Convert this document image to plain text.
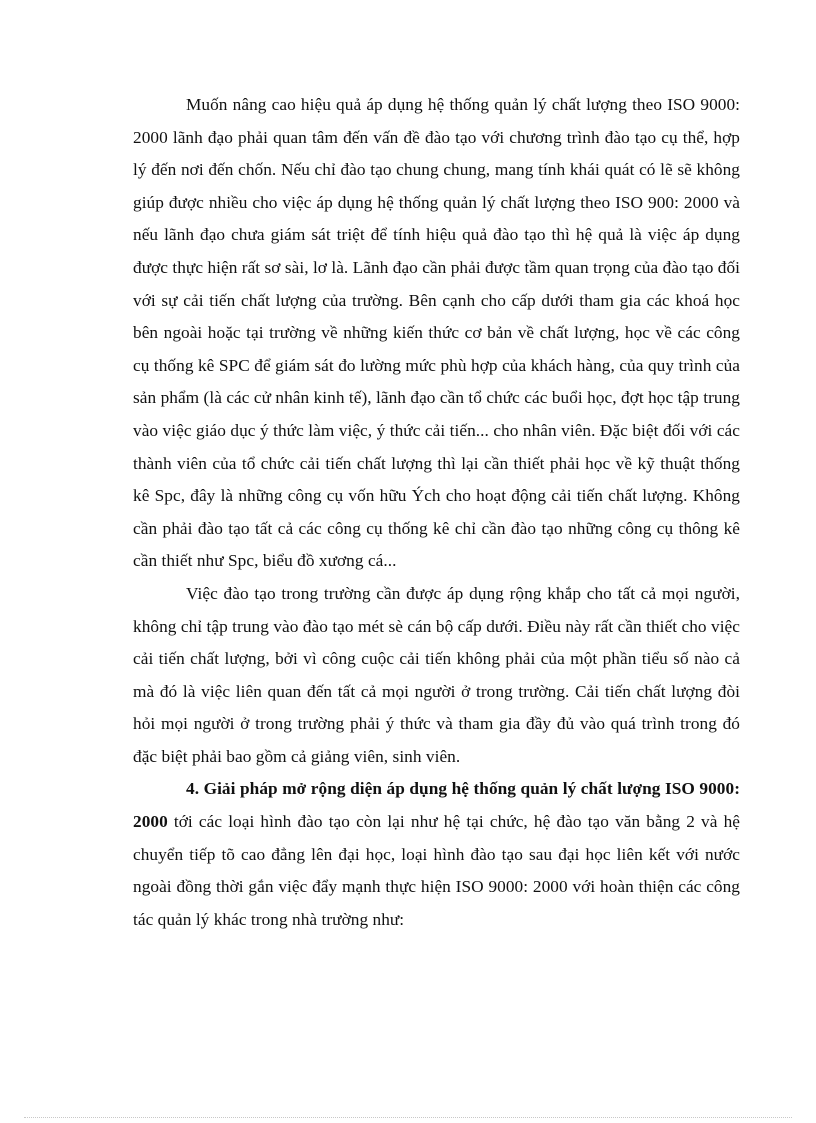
Muốn nâng cao hiệu quả áp dụng hệ thống quản lý chất lượng theo ISO 9000: 2000 lãnh đạo phải quan tâm đến vấn đề đào tạo với chương trình đào tạo cụ thể, hợp lý đến nơi đến chốn. Nếu chỉ đào tạo chung chung, mang tính khái quát có lẽ sẽ không giúp được nhiều cho việc áp dụng hệ thống quản lý chất lượng theo ISO 900: 2000 và nếu lãnh đạo chưa giám sát triệt để tính hiệu quả đào tạo thì hệ quả là việc áp dụng được thực hiện rất sơ sài, lơ là. Lãnh đạo cần phải được tầm quan trọng của đào tạo đối với sự cải tiến chất lượng của trường. Bên cạnh cho cấp dưới tham gia các khoá học bên ngoài hoặc tại trường về những kiến thức cơ bản về chất lượng, học về các công cụ thống kê SPC để giám sát đo lường mức phù hợp của khách hàng, của quy trình của sản phẩm (là các cử nhân kinh tế), lãnh đạo cần tổ chức các buổi học, đợt học tập trung vào việc giáo dục ý thức làm việc, ý thức cải tiến... cho nhân viên. Đặc biệt đối với các thành viên của tổ chức cải tiến chất lượng thì lại cần thiết phải học về kỹ thuật thống kê Spc, đây là những công cụ vốn hữu Ých cho hoạt động cải tiến chất lượng. Không cần phải đào tạo tất cả các công cụ thống kê chỉ cần đào tạo những công cụ thông kê cần thiết như Spc, biểu đồ xương cá...

Việc đào tạo trong trường cần được áp dụng rộng khắp cho tất cả mọi người, không chỉ tập trung vào đào tạo mét sè cán bộ cấp dưới. Điều này rất cần thiết cho việc cải tiến chất lượng, bởi vì công cuộc cải tiến không phải của một phần tiểu số nào cả mà đó là việc liên quan đến tất cả mọi người ở trong trường. Cải tiến chất lượng đòi hỏi mọi người ở trong trường phải ý thức và tham gia đầy đủ vào quá trình trong đó đặc biệt phải bao gồm cả giảng viên, sinh viên.

4. Giải pháp mở rộng diện áp dụng hệ thống quản lý chất lượng ISO 9000: 2000 tới các loại hình đào tạo còn lại như hệ tại chức, hệ đào tạo văn bằng 2 và hệ chuyển tiếp tõ cao đẳng lên đại học, loại hình đào tạo sau đại học liên kết với nước ngoài đồng thời gắn việc đẩy mạnh thực hiện ISO 9000: 2000 với hoàn thiện các công tác quản lý khác trong nhà trường như:
